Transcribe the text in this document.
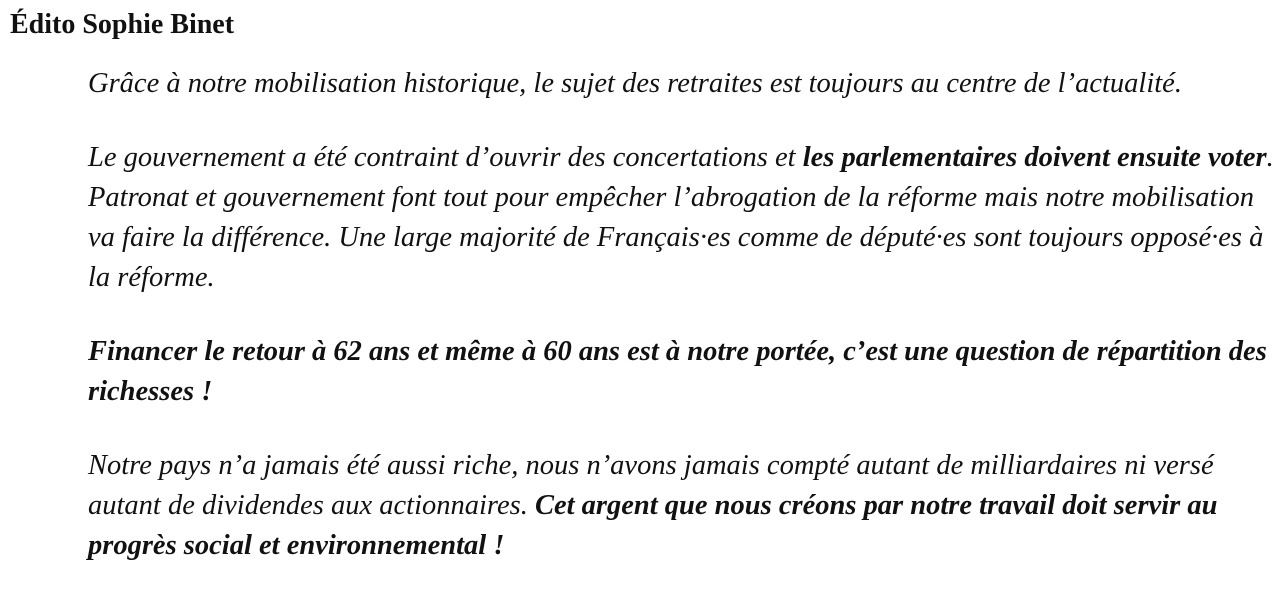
Édito Sophie Binet

Grâce à notre mobilisation historique, le sujet des retraites est toujours au centre de l’actualité.

Le gouvernement a été contraint d’ouvrir des concertations et les parlementaires doivent ensuite voter. Patronat et gouvernement font tout pour empêcher l’abrogation de la réforme mais notre mobilisation va faire la différence. Une large majorité de Français·es comme de député·es sont toujours opposé·es à la réforme.

Financer le retour à 62 ans et même à 60 ans est à notre portée, c’est une question de répartition des richesses !

Notre pays n’a jamais été aussi riche, nous n’avons jamais compté autant de milliardaires ni versé autant de dividendes aux actionnaires. Cet argent que nous créons par notre travail doit servir au progrès social et environnemental !
